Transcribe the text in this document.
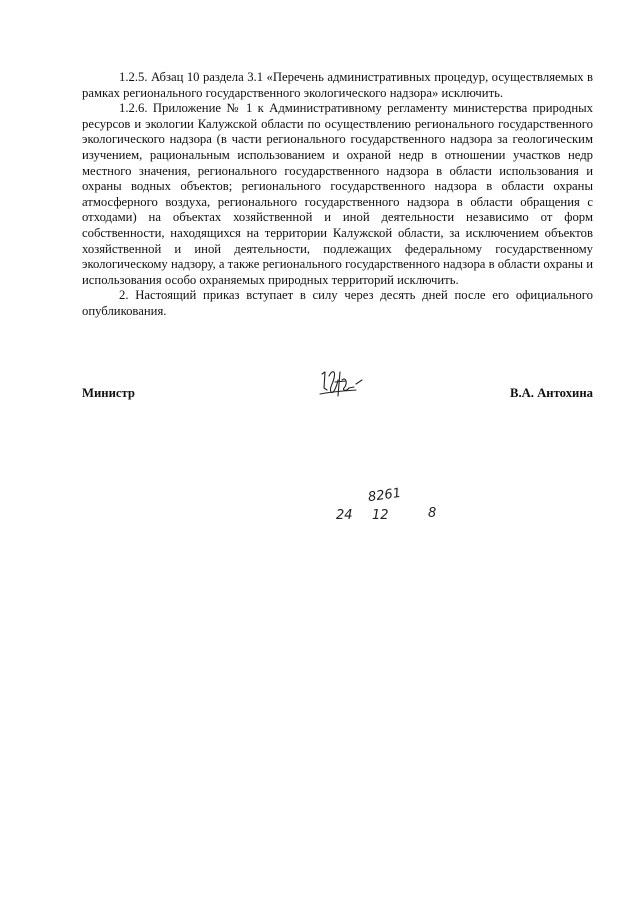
1.2.5. Абзац 10 раздела 3.1 «Перечень административных процедур, осуществляемых в рамках регионального государственного экологического надзора» исключить.

1.2.6. Приложение № 1 к Административному регламенту министерства природных ресурсов и экологии Калужской области по осуществлению регионального государственного экологического надзора (в части регионального государственного надзора за геологическим изучением, рациональным использованием и охраной недр в отношении участков недр местного значения, регионального государственного надзора в области использования и охраны водных объектов; регионального государственного надзора в области охраны атмосферного воздуха, регионального государственного надзора в области обращения с отходами) на объектах хозяйственной и иной деятельности независимо от форм собственности, находящихся на территории Калужской области, за исключением объектов хозяйственной и иной деятельности, подлежащих федеральному государственному экологическому надзору, а также регионального государственного надзора в области охраны и использования особо охраняемых природных территорий исключить.

2. Настоящий приказ вступает в силу через десять дней после его официального опубликования.

Министр	В.А. Антохина
8261
24 12	8
